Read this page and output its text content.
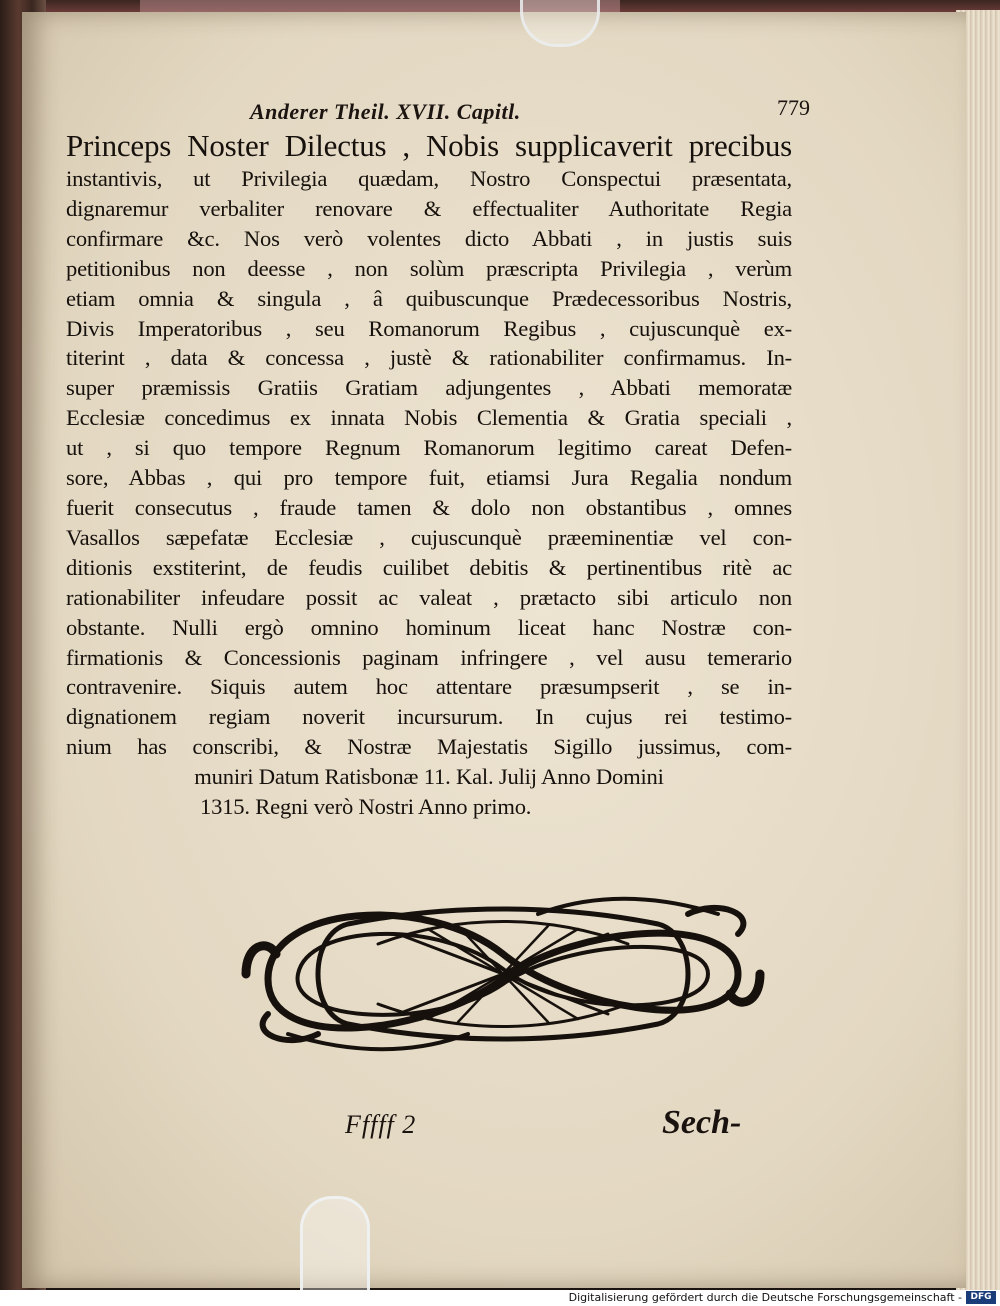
Anderer Theil. XVII. Capitl.	779
Princeps Noster Dilectus , Nobis supplicaverit precibus
instantivis, ut Privilegia quædam, Nostro Conspectui præsentata,
dignaremur verbaliter renovare & effectualiter Authoritate Regia
confirmare &c. Nos verò volentes dicto Abbati , in justis suis
petitionibus non deesse , non solùm præscripta Privilegia , verùm
etiam omnia & singula , â quibuscunque Prædecessoribus Nostris,
Divis Imperatoribus , seu Romanorum Regibus , cujuscunquè ex-
titerint , data & concessa , justè & rationabiliter confirmamus. In-
super præmissis Gratiis Gratiam adjungentes , Abbati memoratæ
Ecclesiæ concedimus ex innata Nobis Clementia & Gratia speciali ,
ut , si quo tempore Regnum Romanorum legitimo careat Defen-
sore, Abbas , qui pro tempore fuit, etiamsi Jura Regalia nondum
fuerit consecutus , fraude tamen & dolo non obstantibus , omnes
Vasallos sæpefatæ Ecclesiæ , cujuscunquè præeminentiæ vel con-
ditionis exstiterint, de feudis cuilibet debitis & pertinentibus ritè ac
rationabiliter infeudare possit ac valeat , prætacto sibi articulo non
obstante. Nulli ergò omnino hominum liceat hanc Nostræ con-
firmationis & Concessionis paginam infringere , vel ausu temerario
contravenire. Siquis autem hoc attentare præsumpserit , se in-
dignationem regiam noverit incursurum. In cujus rei testimo-
nium has conscribi, & Nostræ Majestatis Sigillo jussimus, com-
muniri Datum Ratisbonæ 11. Kal. Julij Anno Domini
1315. Regni verò Nostri Anno primo.
Fffff 2	Sech-
Digitalisierung gefördert durch die Deutsche Forschungsgemeinschaft - DFG
